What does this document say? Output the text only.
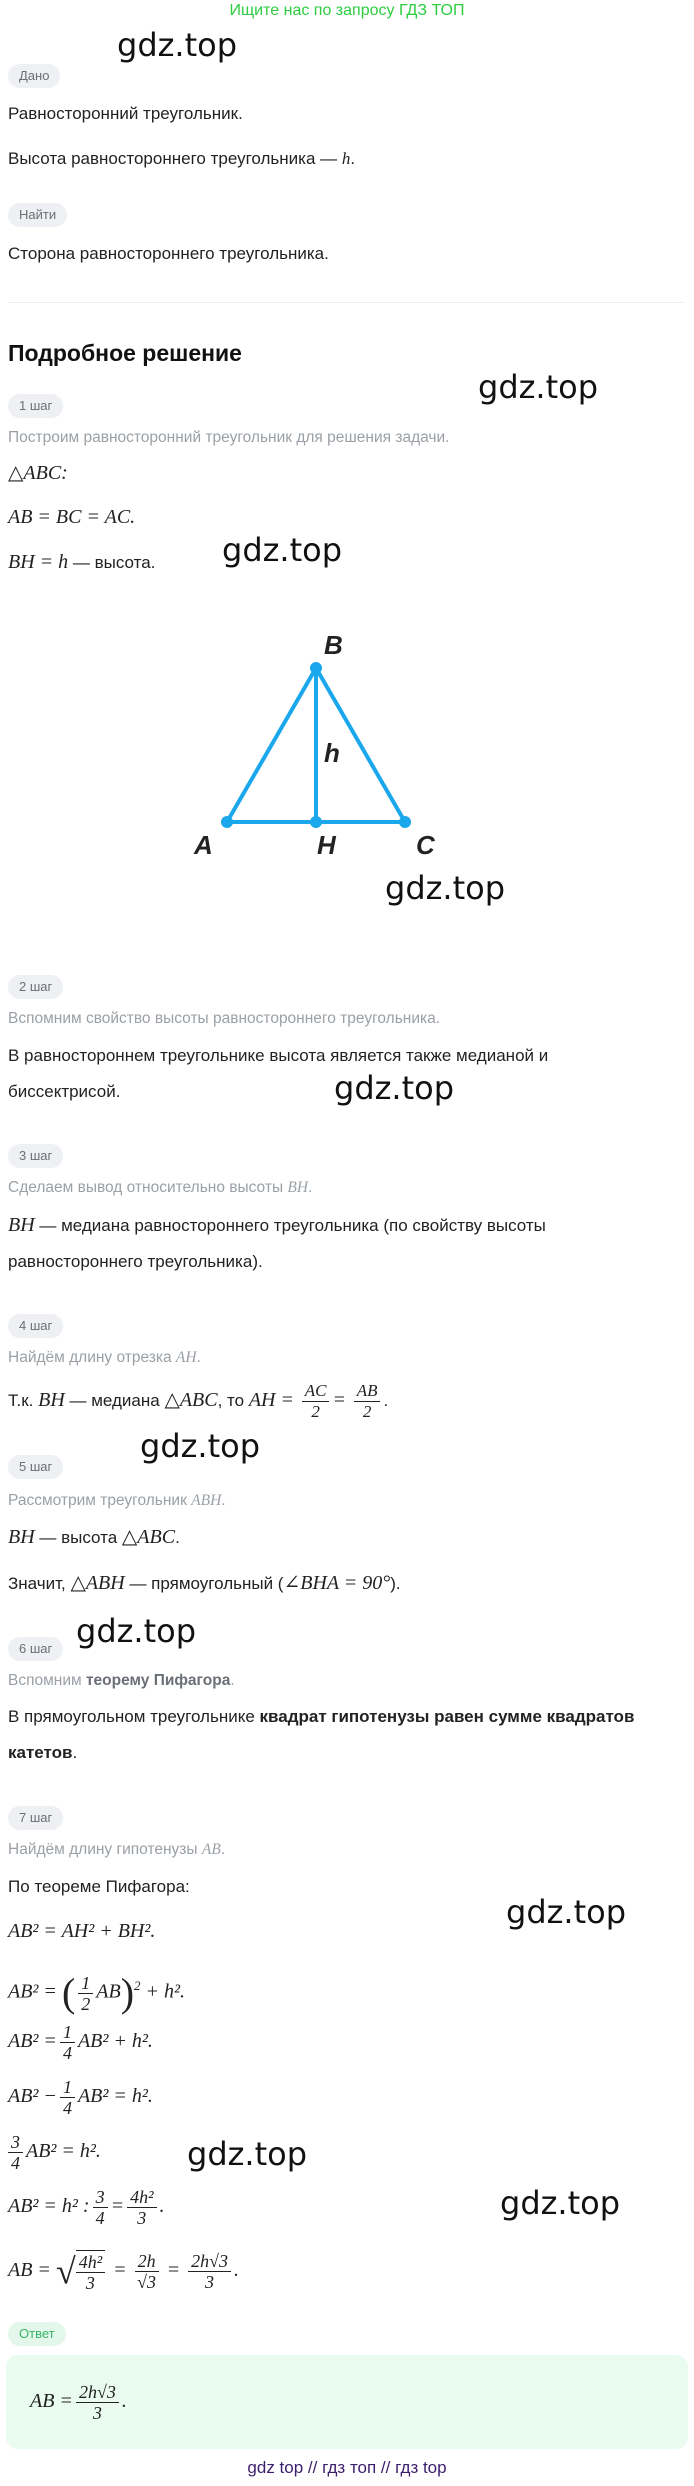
Ищите нас по запросу ГДЗ ТОП
gdz.top
gdz.top
gdz.top
gdz.top
gdz.top
gdz.top
gdz.top
gdz.top
gdz.top
gdz.top
Дано
Равносторонний треугольник.
Высота равностороннего треугольника — h.
Найти
Сторона равностороннего треугольника.
Подробное решение
1 шаг
Построим равносторонний треугольник для решения задачи.
△ABC:
AB = BC = AC.
BH = h — высота.
A
B
C
H
h
2 шаг
Вспомним свойство высоты равностороннего треугольника.
В равностороннем треугольнике высота является также медианой и
биссектрисой.
3 шаг
Сделаем вывод относительно высоты BH.
BH — медиана равностороннего треугольника (по свойству высоты
равностороннего треугольника).
4 шаг
Найдём длину отрезка AH.
Т.к. BH — медиана △ABC, то AH = $\frac{AC}{2} = \frac{AB}{2}$ .
5 шаг
Рассмотрим треугольник ABH.
BH — высота △ABC.
Значит, △ABH — прямоугольный (∠BHA = 90°).
6 шаг
Вспомним теорему Пифагора.
В прямоугольном треугольнике квадрат гипотенузы равен сумме квадратов
катетов.
7 шаг
Найдём длину гипотенузы AB.
По теореме Пифагора:
AB² = AH² + BH².
AB² = ( $\frac{1}{2} AB)^2 + h^2$.
$AB^2 = \frac{1}{4} AB^2 + h^2$.
$AB^2 - \frac{1}{4} AB^2 = h^2$.
$\frac{3}{4} AB^2 = h^2$.
AB² = h² : $\frac{3}{4} = \frac{\text{4h²}}{3}$ .
AB = √ $\frac{\text{4h²}}{3} = \frac{2h}{√3} = \frac{2h√3}{3}$ .
Ответ
AB = $\frac{2h√3}{3}$ .
gdz top // гдз топ // гдз top
